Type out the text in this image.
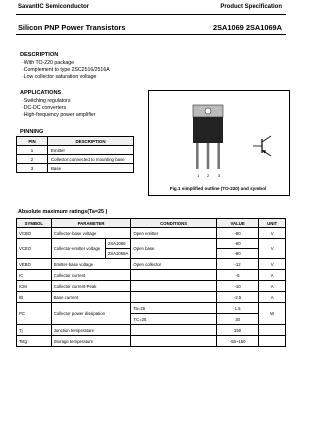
SavantIC Semiconductor	Product Specification
Silicon PNP Power Transistors	2SA1069 2SA1069A
DESCRIPTION
·With TO-220 package
·Complement to type 2SC2516/2516A
·Low collector saturation voltage
APPLICATIONS
·Switching regulators
·DC-DC converters
·High-frequency power amplifier
PINNING
PIN	DESCRIPTION
1	Emitter
2	Collector;connected to mounting base
3	Base
1 2 3
Fig.1 simplified outline (TO-220) and symbol
Absolute maximum ratings(Ta=25 )
SYMBOL	PARAMETER		CONDITIONS	VALUE	UNIT
VCBO	Collector-base voltage		Open emitter	-80	V
VCEO	Collector-emitter voltage	2SA1069	Open base	-60	V
		2SA1069A		-80	
VEBO	Emitter-base voltage		Open collector	-12	V
IC	Collector current			-5	A
ICM	Collector current-Peak			-10	A
IB	Base current			-2.5	A
PC	Collector power dissipation		Ta=25	1.5	W
			TC=25	30	
Tj	Junction temperature			150	
Tstg	Storage temperature			-55~150	
